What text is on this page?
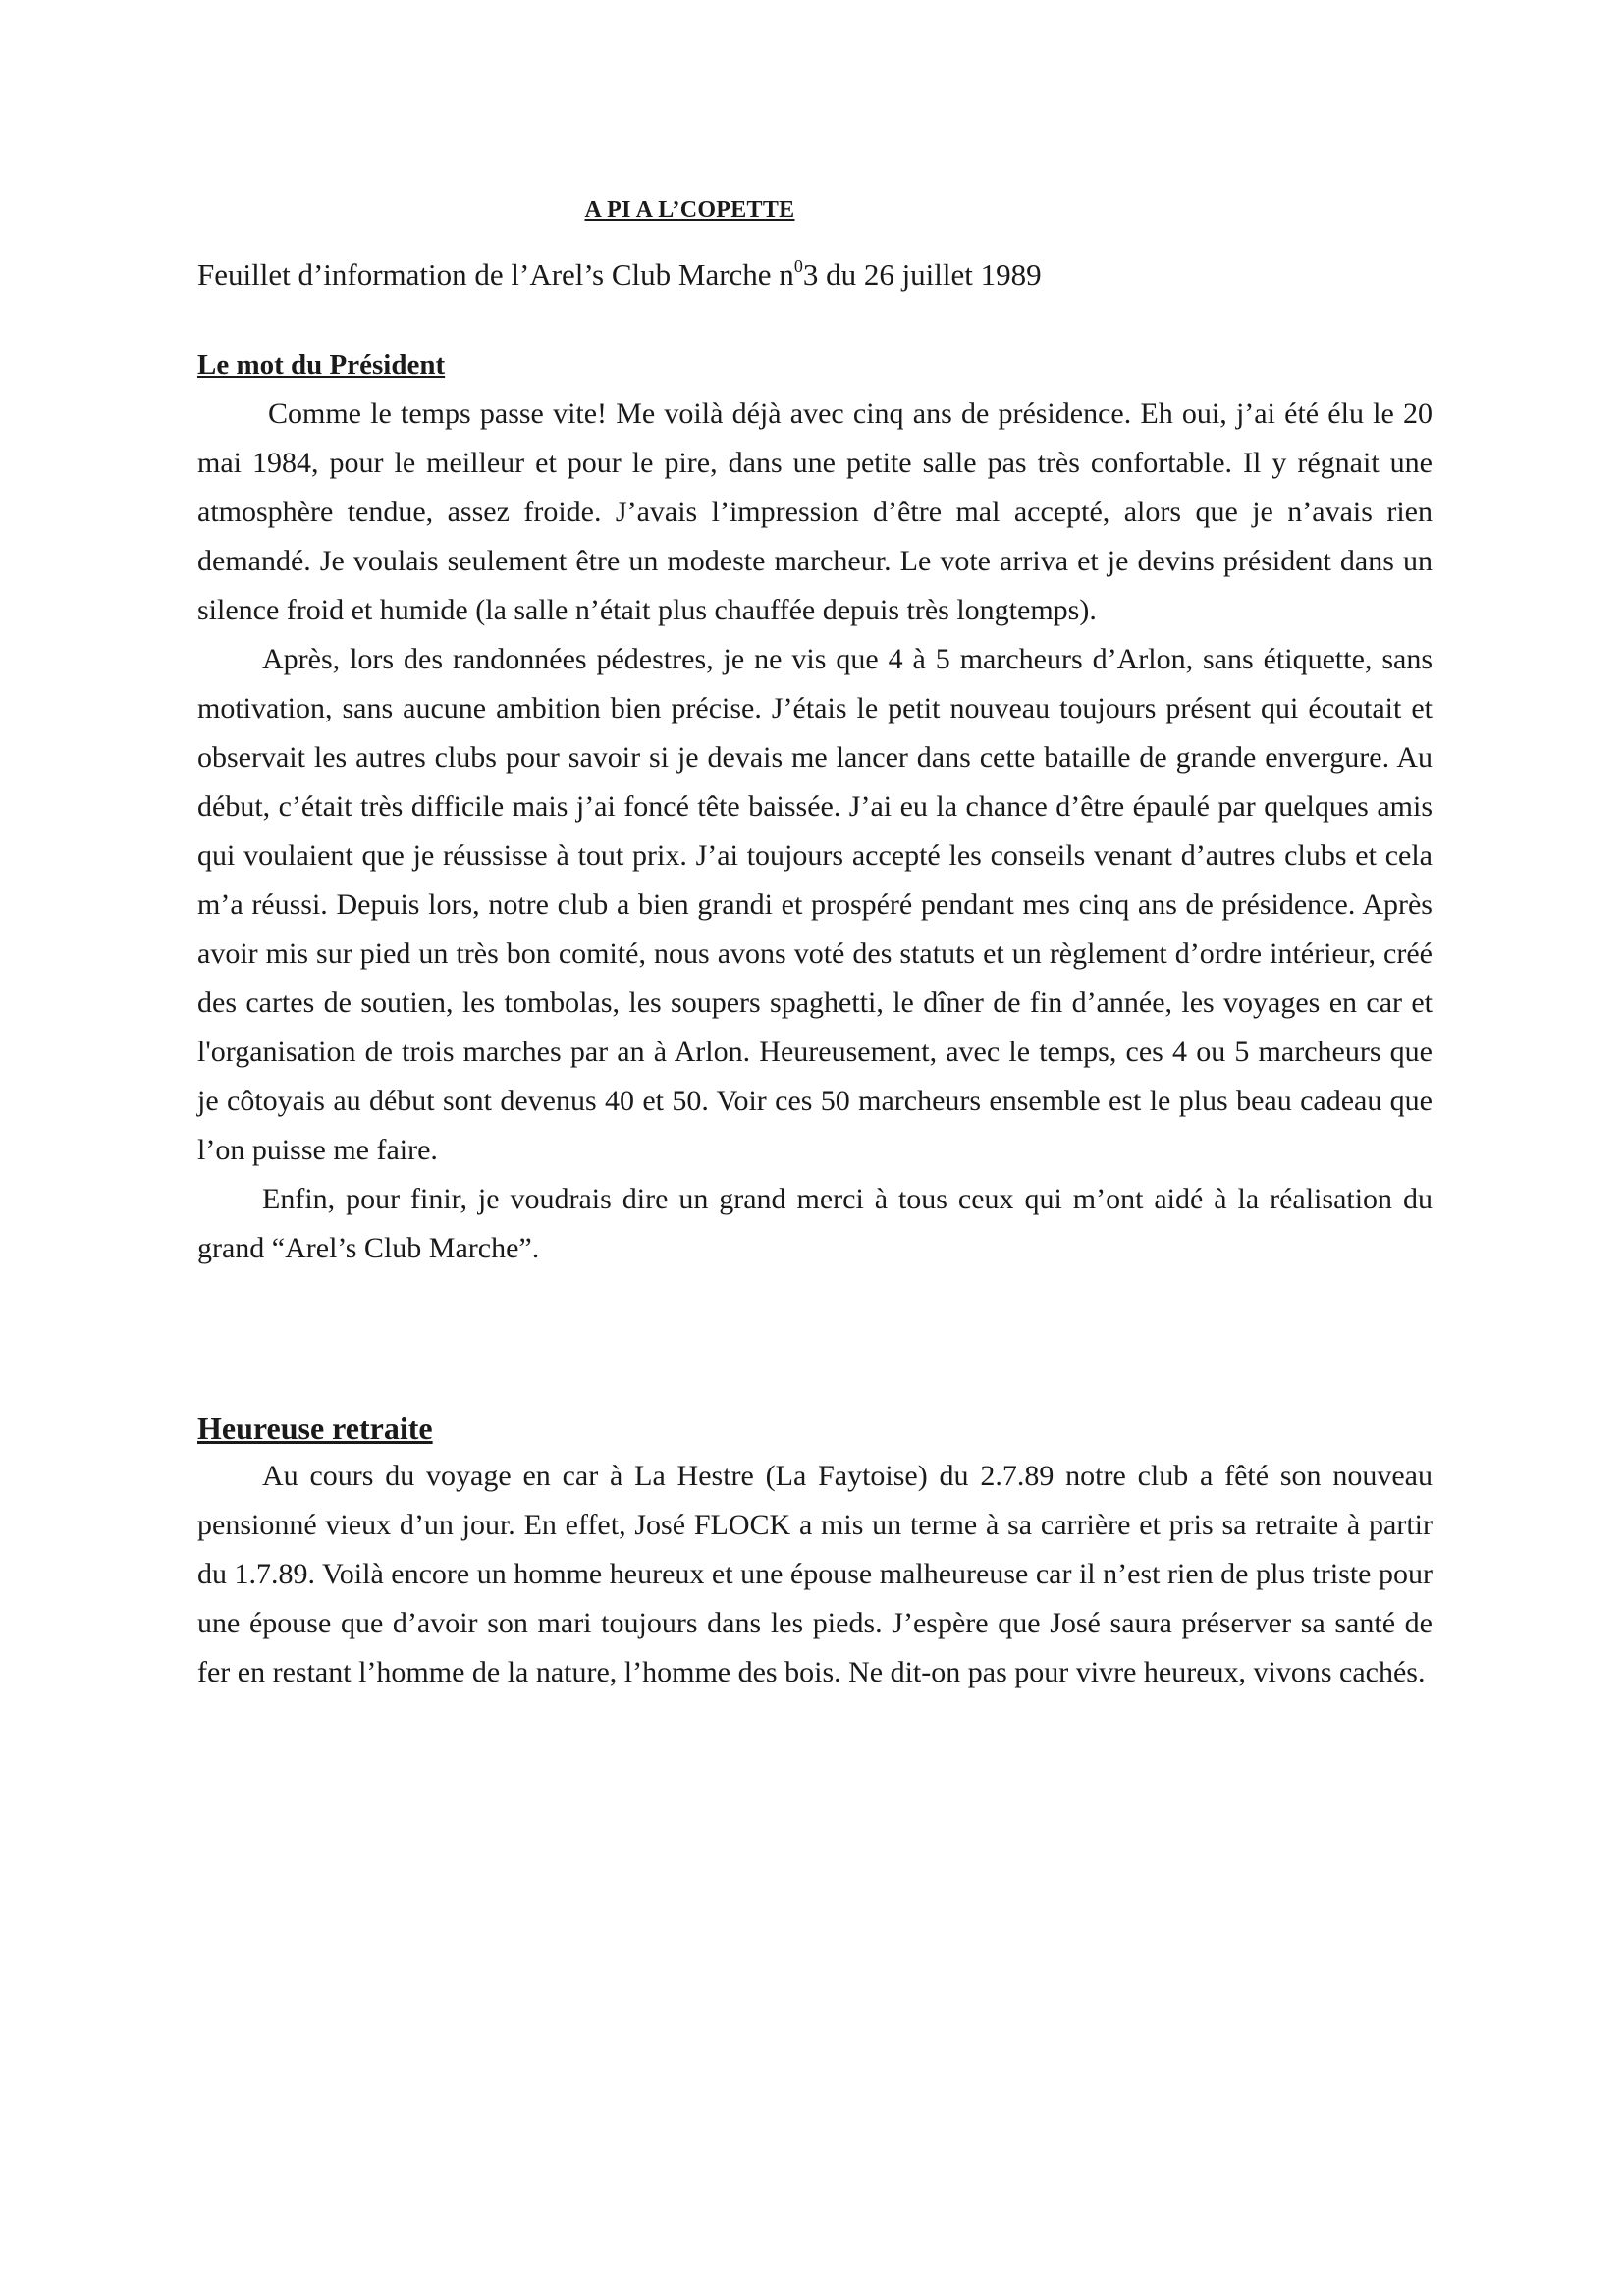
A PI A L’COPETTE
Feuillet d’information de l’Arel’s Club Marche $n^03$ du 26 juillet 1989
Le mot du Président

Comme le temps passe vite! Me voilà déjà avec cinq ans de présidence. Eh oui, j’ai été élu le 20 mai 1984, pour le meilleur et pour le pire, dans une petite salle pas très confortable. Il y régnait une atmosphère tendue, assez froide. J’avais l’impression d’être mal accepté, alors que je n’avais rien demandé. Je voulais seulement être un modeste marcheur. Le vote arriva et je devins président dans un silence froid et humide (la salle n’était plus chauffée depuis très longtemps).

Après, lors des randonnées pédestres, je ne vis que 4 à 5 marcheurs d’Arlon, sans étiquette, sans motivation, sans aucune ambition bien précise. J’étais le petit nouveau toujours présent qui écoutait et observait les autres clubs pour savoir si je devais me lancer dans cette bataille de grande envergure. Au début, c’était très difficile mais j’ai foncé tête baissée. J’ai eu la chance d’être épaulé par quelques amis qui voulaient que je réussisse à tout prix. J’ai toujours accepté les conseils venant d’autres clubs et cela m’a réussi. Depuis lors, notre club a bien grandi et prospéré pendant mes cinq ans de présidence. Après avoir mis sur pied un très bon comité, nous avons voté des statuts et un règlement d’ordre intérieur, créé des cartes de soutien, les tombolas, les soupers spaghetti, le dîner de fin d’année, les voyages en car et l'organisation de trois marches par an à Arlon. Heureusement, avec le temps, ces 4 ou 5 marcheurs que je côtoyais au début sont devenus 40 et 50. Voir ces 50 marcheurs ensemble est le plus beau cadeau que l’on puisse me faire.

Enfin, pour finir, je voudrais dire un grand merci à tous ceux qui m’ont aidé à la réalisation du grand “Arel’s Club Marche”.

Heureuse retraite

Au cours du voyage en car à La Hestre (La Faytoise) du 2.7.89 notre club a fêté son nouveau pensionné vieux d’un jour. En effet, José FLOCK a mis un terme à sa carrière et pris sa retraite à partir du 1.7.89. Voilà encore un homme heureux et une épouse malheureuse car il n’est rien de plus triste pour une épouse que d’avoir son mari toujours dans les pieds. J’espère que José saura préserver sa santé de fer en restant l’homme de la nature, l’homme des bois. Ne dit-on pas pour vivre heureux, vivons cachés.
